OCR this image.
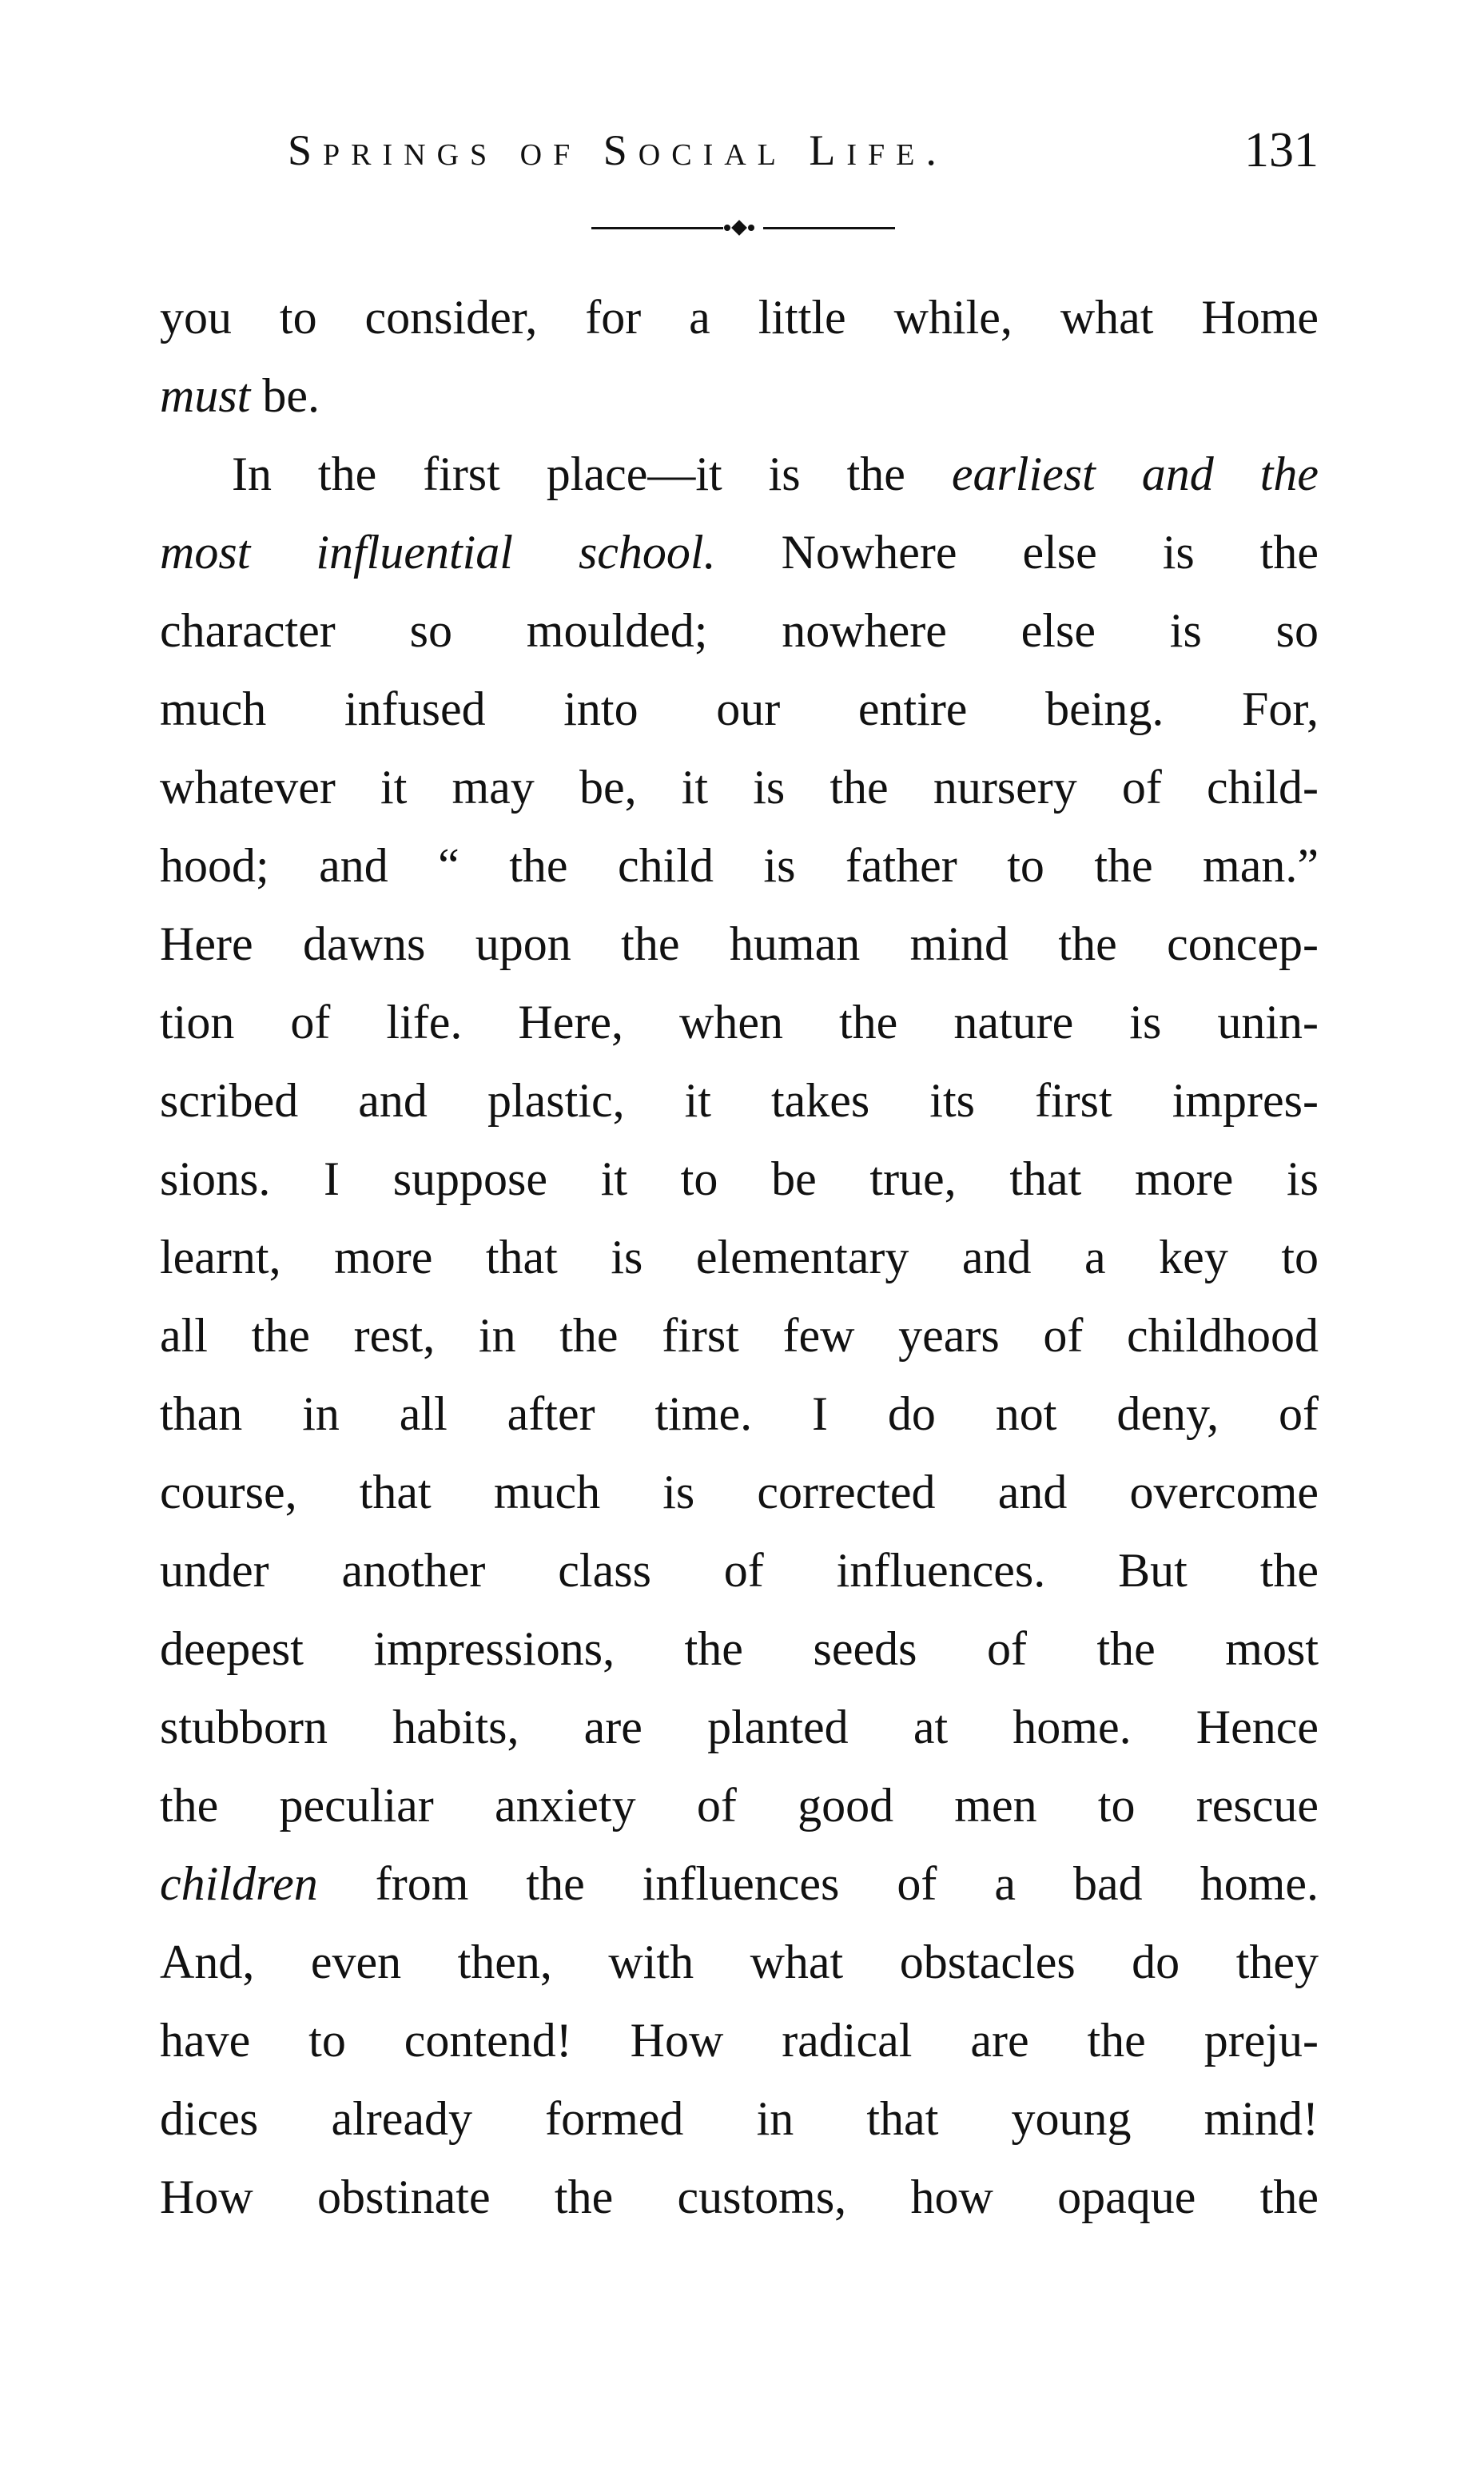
Springs of Social Life.	131
you to consider, for a little while, what Home
must be.
In the first place—it is the earliest and the
most influential school. Nowhere else is the
character so moulded; nowhere else is so
much infused into our entire being. For,
whatever it may be, it is the nursery of child-
hood; and “ the child is father to the man.”
Here dawns upon the human mind the concep-
tion of life. Here, when the nature is unin-
scribed and plastic, it takes its first impres-
sions. I suppose it to be true, that more is
learnt, more that is elementary and a key to
all the rest, in the first few years of childhood
than in all after time. I do not deny, of
course, that much is corrected and overcome
under another class of influences. But the
deepest impressions, the seeds of the most
stubborn habits, are planted at home. Hence
the peculiar anxiety of good men to rescue
children from the influences of a bad home.
And, even then, with what obstacles do they
have to contend! How radical are the preju-
dices already formed in that young mind!
How obstinate the customs, how opaque the
